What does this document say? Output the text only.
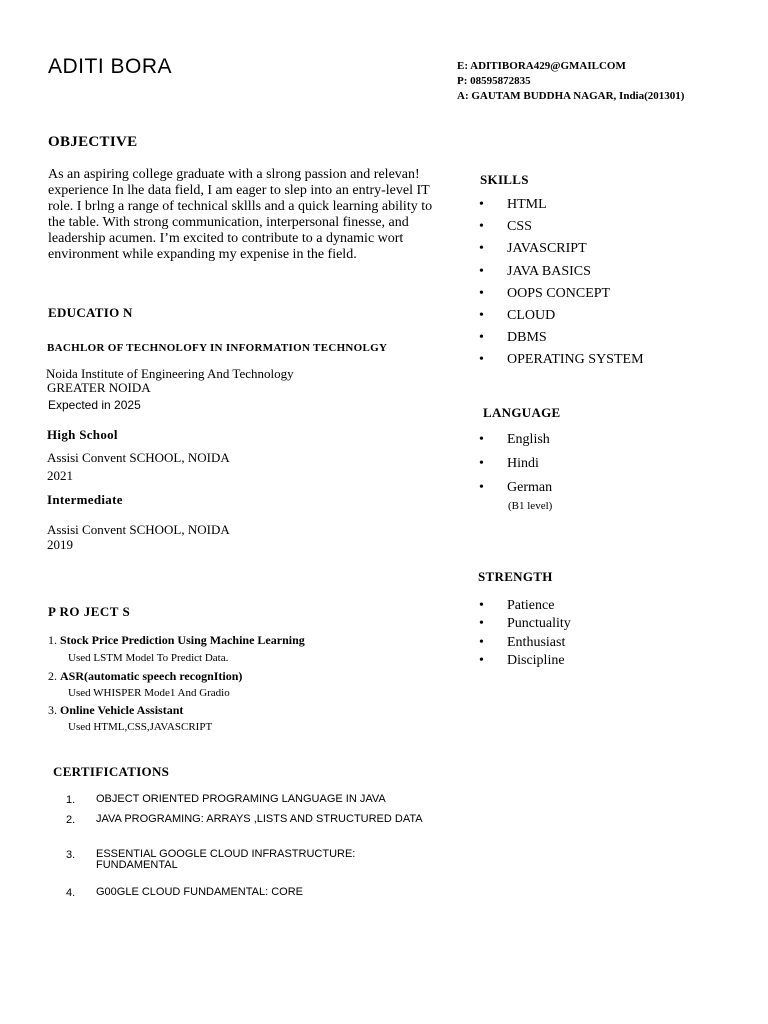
ADITI BORA	E: ADITIBORA429@GMAILCOM
P: 08595872835
A: GAUTAM BUDDHA NAGAR, India(201301)
OBJECTIVE
As an aspiring college graduate with a slrong passion and relevan! experience In lhe data field, I am eager to slep into an entry-level IT role. I brlng a range of technical skllls and a quick learning ability to the table. With strong communication, interpersonal finesse, and leadership acumen. I’m excited to contribute to a dynamic wort environment while expanding my expenise in the field.
EDUCATIO N
BACHLOR OF TECHNOLOFY IN INFORMATION TECHNOLGY
Noida Institute of Engineering And Technology
GREATER NOIDA
Expected in 2025
High School
Assisi Convent SCHOOL, NOIDA
2021
Intermediate
Assisi Convent SCHOOL, NOIDA
2019
P RO JECT S
1. Stock Price Prediction Using Machine Learning
Used LSTM Model To Predict Data.
2. ASR(automatic speech recognItion)
Used WHISPER Mode1 And Gradio
3. Online Vehicle Assistant
Used HTML,CSS,JAVASCRIPT
CERTIFICATIONS
1. OBJECT ORIENTED PROGRAMING LANGUAGE IN JAVA
2. JAVA PROGRAMING: ARRAYS ,LISTS AND STRUCTURED DATA
3. ESSENTIAL GOOGLE CLOUD INFRASTRUCTURE: FUNDAMENTAL
4. G00GLE CLOUD FUNDAMENTAL: CORE
SKILLS
• HTML
• CSS
• JAVASCRIPT
• JAVA BASICS
• OOPS CONCEPT
• CLOUD
• DBMS
• OPERATING SYSTEM
LANGUAGE
• English
• Hindi
• German
(B1 level)
STRENGTH
• Patience
• Punctuality
• Enthusiast
• Discipline
